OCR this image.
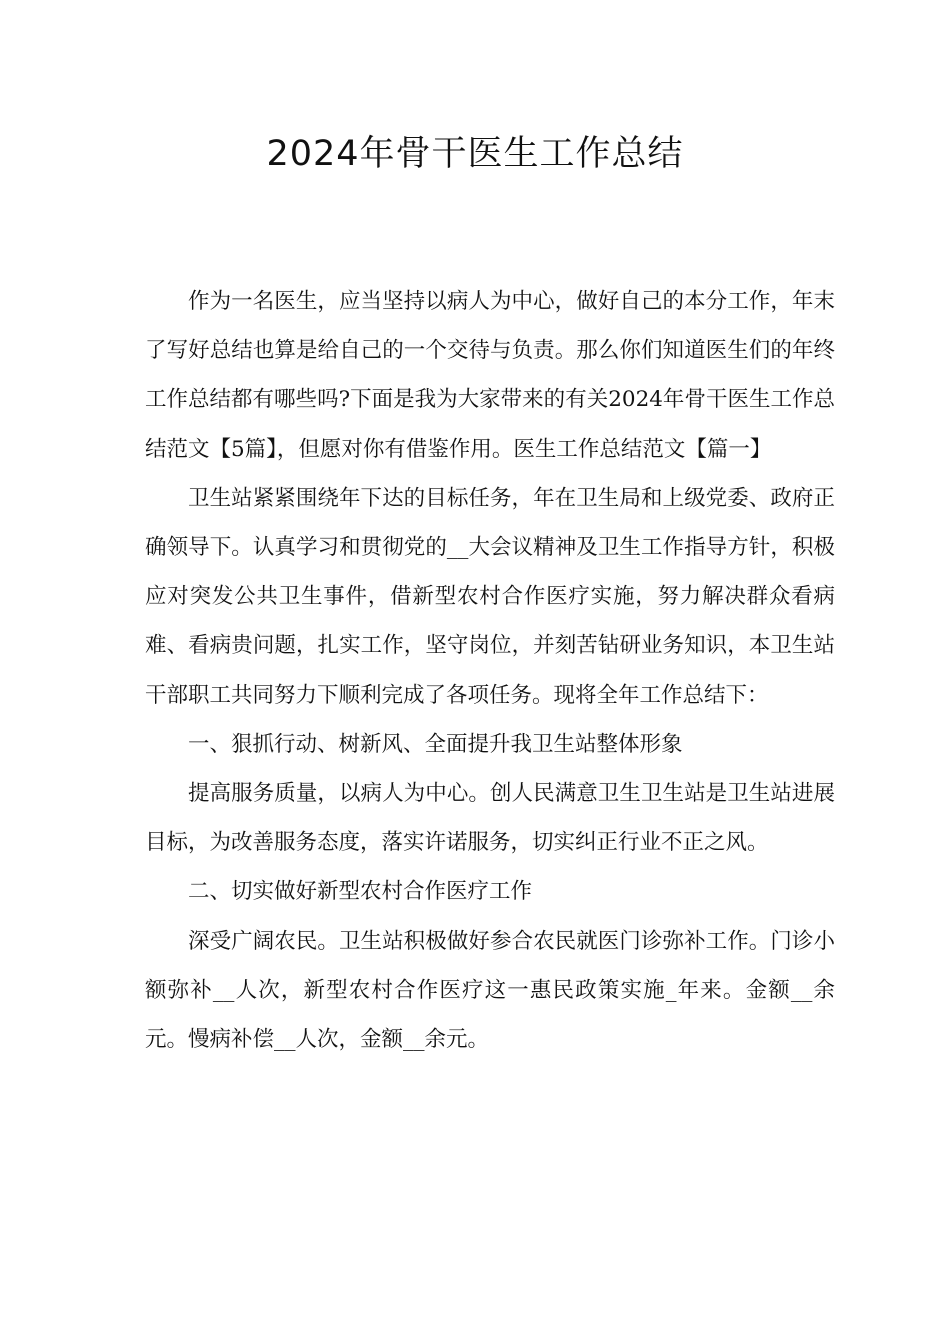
2024年骨干医生工作总结

作为一名医生，应当坚持以病人为中心，做好自己的本分工作，年末了写好总结也算是给自己的一个交待与负责。那么你们知道医生们的年终工作总结都有哪些吗?下面是我为大家带来的有关2024年骨干医生工作总结范文【5篇】，但愿对你有借鉴作用。医生工作总结范文【篇一】

卫生站紧紧围绕年下达的目标任务，年在卫生局和上级党委、政府正确领导下。认真学习和贯彻党的__大会议精神及卫生工作指导方针，积极应对突发公共卫生事件，借新型农村合作医疗实施，努力解决群众看病难、看病贵问题，扎实工作，坚守岗位，并刻苦钻研业务知识，本卫生站干部职工共同努力下顺利完成了各项任务。现将全年工作总结下：

一、狠抓行动、树新风、全面提升我卫生站整体形象

提高服务质量，以病人为中心。创人民满意卫生卫生站是卫生站进展目标，为改善服务态度，落实许诺服务，切实纠正行业不正之风。

二、切实做好新型农村合作医疗工作

深受广阔农民。卫生站积极做好参合农民就医门诊弥补工作。门诊小额弥补__人次，新型农村合作医疗这一惠民政策实施_年来。金额__余元。慢病补偿__人次，金额__余元。
